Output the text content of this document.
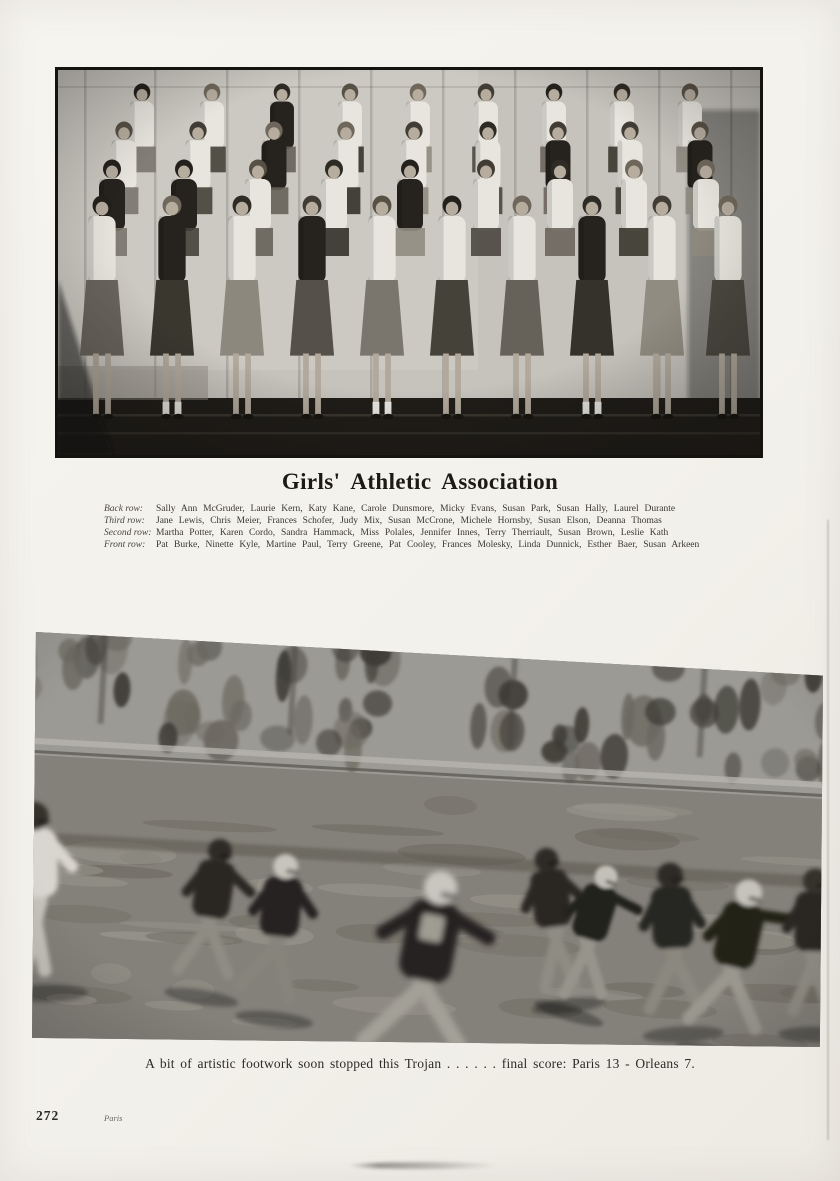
Girls' Athletic Association
Back row:	Sally Ann McGruder, Laurie Kern, Katy Kane, Carole Dunsmore, Micky Evans, Susan Park, Susan Hally, Laurel Durante
Third row:	Jane Lewis, Chris Meier, Frances Schofer, Judy Mix, Susan McCrone, Michele Hornsby, Susan Elson, Deanna Thomas
Second row: Martha Potter, Karen Cordo, Sandra Hammack, Miss Polales, Jennifer Innes, Terry Therriault, Susan Brown, Leslie Kath
Front row:	Pat Burke, Ninette Kyle, Martine Paul, Terry Greene, Pat Cooley, Frances Molesky, Linda Dunnick, Esther Baer, Susan Arkeen
A bit of artistic footwork soon stopped this Trojan . . . . . . final score: Paris 13 - Orleans 7.
272	Paris
